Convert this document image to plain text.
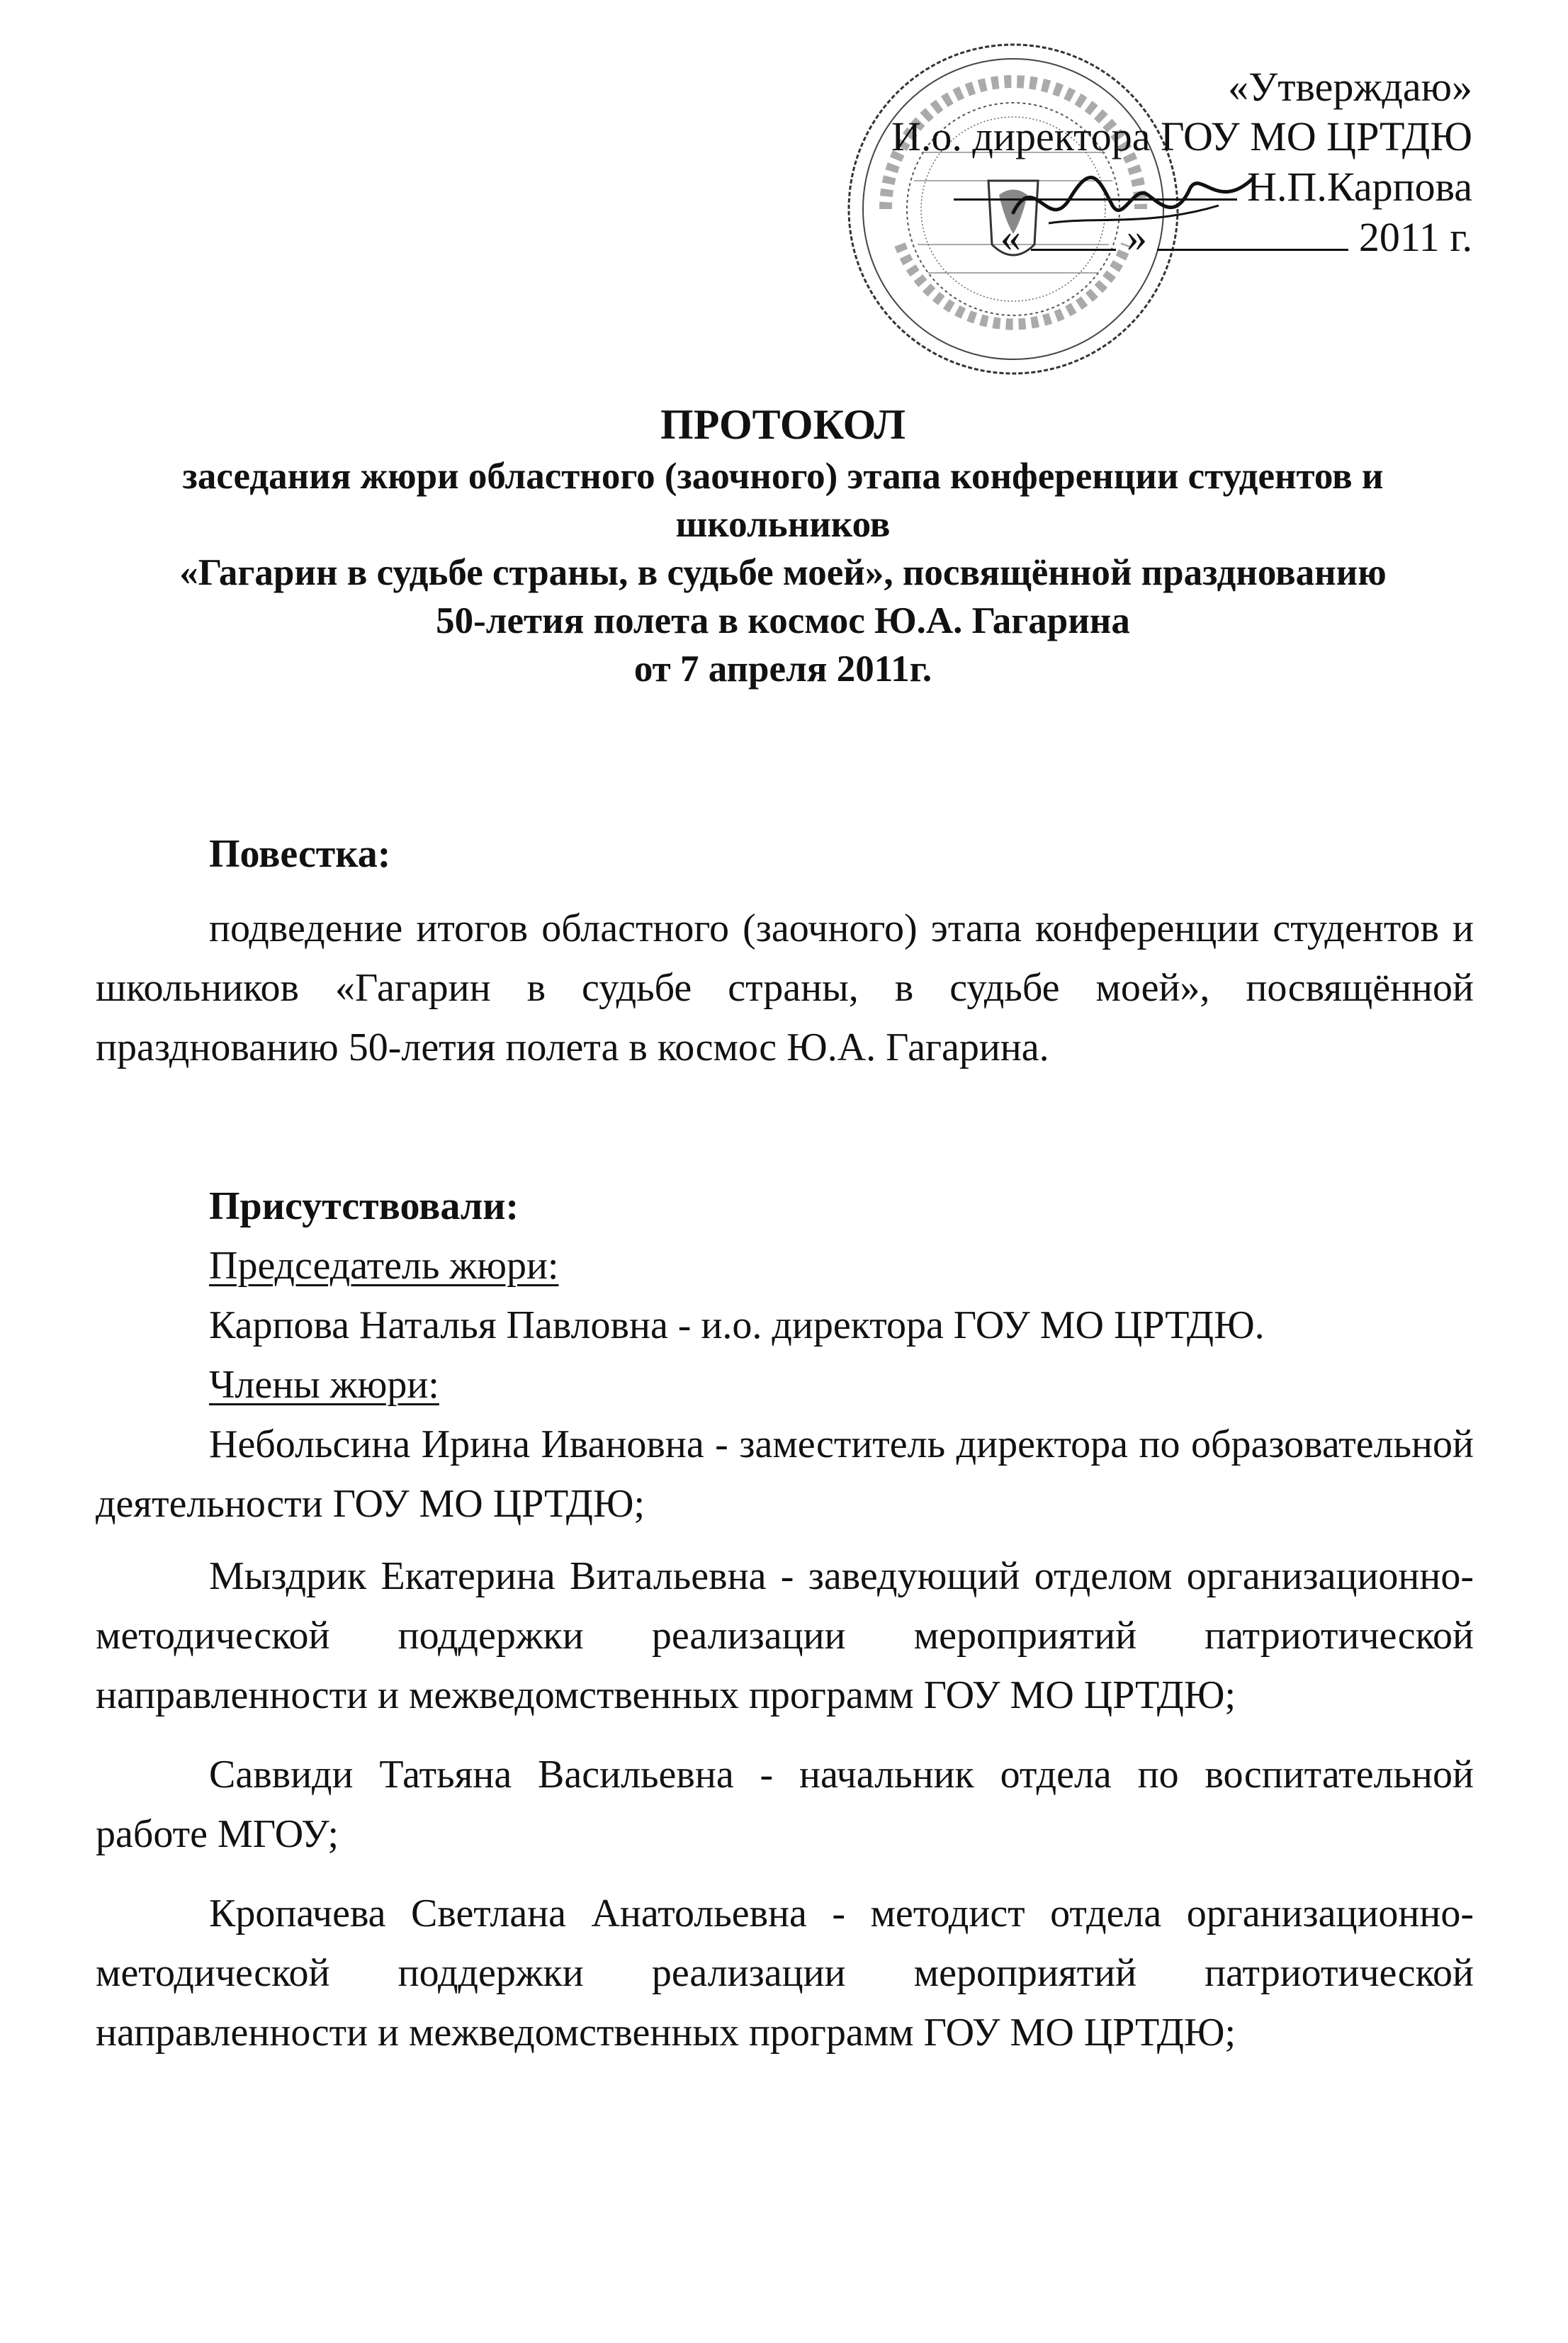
«Утверждаю»
И.о. директора ГОУ МО ЦРТДЮ
Н.П.Карпова
«	»	2011 г.
ПРОТОКОЛ
заседания жюри областного (заочного) этапа конференции студентов и
школьников
«Гагарин в судьбе страны, в судьбе моей», посвящённой празднованию
50-летия полета в космос Ю.А. Гагарина
от 7 апреля 2011г.
Повестка:
подведение итогов областного (заочного) этапа конференции студентов и школьников «Гагарин в судьбе страны, в судьбе моей», посвящённой празднованию 50-летия полета в космос Ю.А. Гагарина.
Присутствовали:
Председатель жюри:
Карпова Наталья Павловна - и.о. директора ГОУ МО ЦРТДЮ.
Члены жюри:
Небольсина Ирина Ивановна - заместитель директора по образовательной деятельности ГОУ МО ЦРТДЮ;
Мыздрик Екатерина Витальевна - заведующий отделом организационно-методической поддержки реализации мероприятий патриотической направленности и межведомственных программ ГОУ МО ЦРТДЮ;
Саввиди Татьяна Васильевна - начальник отдела по воспитательной работе МГОУ;
Кропачева Светлана Анатольевна - методист отдела организационно-методической поддержки реализации мероприятий патриотической направленности и межведомственных программ ГОУ МО ЦРТДЮ;
